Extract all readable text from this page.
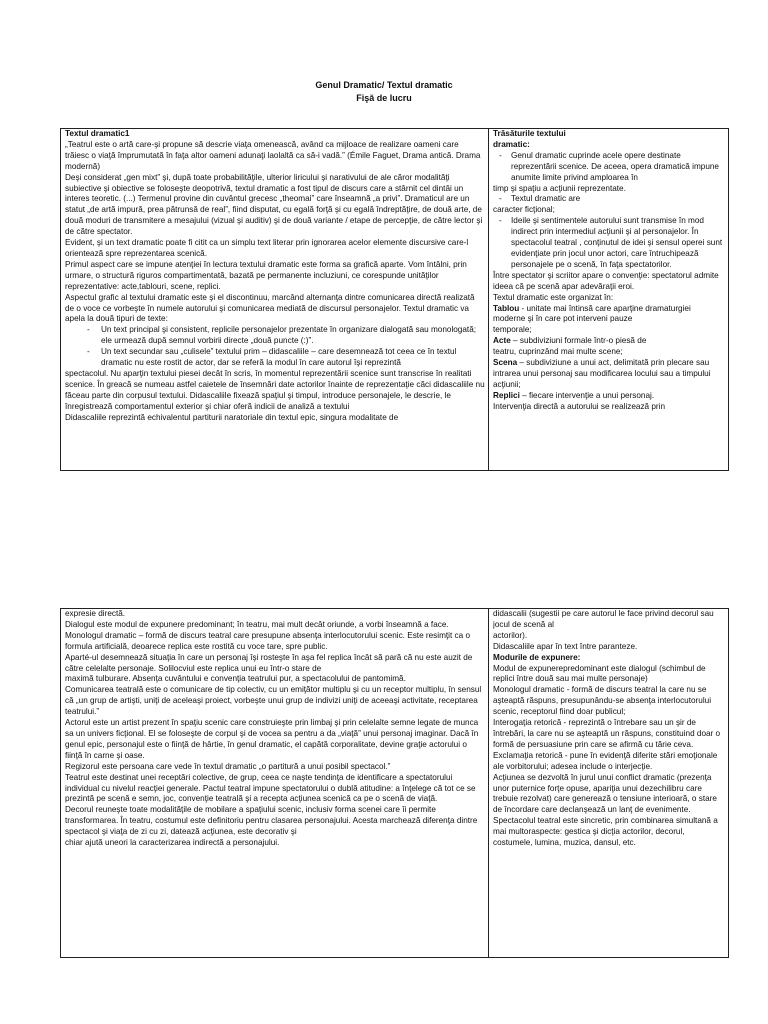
Genul Dramatic/ Textul dramatic
Fişă de lucru

Textul dramatic1

„Teatrul este o artă care-şi propune să descrie viaţa omenească, având ca mijloace de realizare oameni care trăiesc o viaţă împrumutată în faţa altor oameni adunaţi laolaltă ca să-i vadă.” (Émile Faguet, Drama antică. Drama modernă)

Deşi considerat „gen mixt” şi, după toate probabilităţile, ulterior liricului şi narativului de ale căror modalităţi subiective şi obiective se foloseşte deopotrivă, textul dramatic a fost tipul de discurs care a stârnit cel dintâi un interes teoretic. (...) Termenul provine din cuvântul grecesc „theomai” care înseamnă „a privi”. Dramaticul are un statut „de artă impură, prea pătrunsă de real”, fiind disputat, cu egală forţă şi cu egală îndreptăţire, de două arte, de două moduri de transmitere a mesajului (vizual şi auditiv) şi de două variante / etape de percepţie, de către lector şi de către spectator.

Evident, şi un text dramatic poate fi citit ca un simplu text literar prin ignorarea acelor elemente discursive care-l orientează spre reprezentarea scenică.

Primul aspect care se impune atenţiei în lectura textului dramatic este forma sa grafică aparte. Vom întâlni, prin urmare, o structură riguros compartimentată, bazată pe permanente incluziuni, ce corespunde unităţilor reprezentative: acte,tablouri, scene, replici.

Aspectul grafic al textului dramatic este şi el discontinuu, marcând alternanţa dintre comunicarea directă realizată de o voce ce vorbeşte în numele autorului şi comunicarea mediată de discursul personajelor. Textul dramatic va apela la două tipuri de texte:

- Un text principal şi consistent, replicile personajelor prezentate în organizare dialogată sau monologată; ele urmează după semnul vorbirii directe „două puncte (:)”.
- Un text secundar sau „culisele” textului prim – didascaliile – care desemnează tot ceea ce în textul dramatic nu este rostit de actor, dar se referă la modul în care autorul îşi reprezintă

spectacolul. Nu aparţin textului piesei decât în scris, în momentul reprezentării scenice sunt transcrise în realitati scenice. În greacă se numeau astfel caietele de însemnări date actorilor înainte de reprezentaţie căci didascaliile nu făceau parte din corpusul textului. Didascaliile fixează spaţiul şi timpul, introduce personajele, le descrie, le înregistrează comportamentul exterior şi chiar oferă indicii de analiză a textului

Didascaliile reprezintă echivalentul partiturii naratoriale din textul epic, singura modalitate de

Trăsăturile textului

dramatic:

- Genul dramatic cuprinde acele opere destinate reprezentării scenice. De aceea, opera dramatică impune anumite limite privind amploarea în

timp şi spaţiu a acţiunii reprezentate.

- Textul dramatic are

caracter ficţional;

- Ideile şi sentimentele autorului sunt transmise în mod indirect prin intermediul acţiunii şi al personajelor. În spectacolul teatral , conţinutul de idei şi sensul operei sunt evidenţiate prin jocul unor actori, care întruchipează personajele pe o scenă, în faţa spectatorilor.

Între spectator şi scriitor apare o convenţie: spectatorul admite ideea că pe scenă apar adevăraţii eroi.

Textul dramatic este organizat în:

Tablou - unitate mai întinsă care aparţine dramaturgiei moderne şi în care pot interveni pauze

temporale;

Acte – subdiviziuni formale într-o piesă de

teatru, cuprinzând mai multe scene;

Scena – subdiviziune a unui act, delimitată prin plecare sau intrarea unui personaj sau modificarea locului sau a timpului acţiunii;

Replici – fiecare intervenţie a unui personaj.

Intervenţia directă a autorului se realizează prin

expresie directă.

Dialogul este modul de expunere predominant; în teatru, mai mult decât oriunde, a vorbi înseamnă a face.

Monologul dramatic – formă de discurs teatral care presupune absenţa interlocutorului scenic. Este resimţit ca o formula artificială, deoarece replica este rostită cu voce tare, spre public.

Aparté-ul desemnează situaţia în care un personaj îşi rosteşte în aşa fel replica încât să pară că nu este auzit de către celelalte personaje. Solilocviul este replica unui eu într-o stare de

maximă tulburare. Absenţa cuvântului e convenţia teatrului pur, a spectacolului de pantomimă.

Comunicarea teatrală este o comunicare de tip colectiv, cu un emiţător multiplu şi cu un receptor multiplu, în sensul că „un grup de artişti, uniţi de aceleaşi proiect, vorbeşte unui grup de indivizi uniţi de aceeaşi activitate, receptarea teatrului.”

Actorul este un artist prezent în spaţiu scenic care construieşte prin limbaj şi prin celelalte semne legate de munca sa un univers ficţional. El se foloseşte de corpul şi de vocea sa pentru a da „viaţă” unui personaj imaginar. Dacă în genul epic, personajul este o fiinţă de hârtie, în genul dramatic, el capătă corporalitate, devine graţie actorului o fiinţă în carne şi oase.

Regizorul este persoana care vede în textul dramatic „o partitură a unui posibil spectacol.”

Teatrul este destinat unei receptări colective, de grup, ceea ce naşte tendinţa de identificare a spectatorului individual cu nivelul reacţiei generale. Pactul teatral impune spectatorului o dublă atitudine: a înţelege că tot ce se prezintă pe scenă e semn, joc, convenţie teatrală şi a recepta acţiunea scenică ca pe o scenă de viaţă.

Decorul reuneşte toate modalităţile de mobilare a spaţiului scenic, inclusiv forma scenei care îi permite transformarea. În teatru, costumul este definitoriu pentru clasarea personajului. Acesta marchează diferenţa dintre spectacol şi viaţa de zi cu zi, datează acţiunea, este decorativ şi

chiar ajută uneori la caracterizarea indirectă a personajului.

didascalii (sugestii pe care autorul le face privind decorul sau jocul de scenă al

actorilor).

Didascaliile apar în text între paranteze.

Modurile de expunere:

Modul de expunerepredominant este dialogul (schimbul de replici între două sau mai multe personaje)

Monologul dramatic - formă de discurs teatral la care nu se aşteaptă răspuns, presupunându-se absenţa interlocutorului scenic, receptorul fiind doar publicul;

Interogaţia retorică - reprezintă o întrebare sau un şir de întrebări, la care nu se aşteaptă un răspuns, constituind doar o formă de persuasiune prin care se afirmă cu tărie ceva.

Exclamaţia retorică - pune în evidenţă diferite stări emoţionale ale vorbitorului; adesea include o interjecţie.

Acţiunea se dezvoltă în jurul unui conflict dramatic (prezenţa unor puternice forţe opuse, apariţia unui dezechilibru care trebuie rezolvat) care generează o tensiune interioară, o stare de încordare care declanşează un lanţ de evenimente.

Spectacolul teatral este sincretic, prin combinarea simultană a mai multoraspecte: gestica şi dicţia actorilor, decorul, costumele, lumina, muzica, dansul, etc.
